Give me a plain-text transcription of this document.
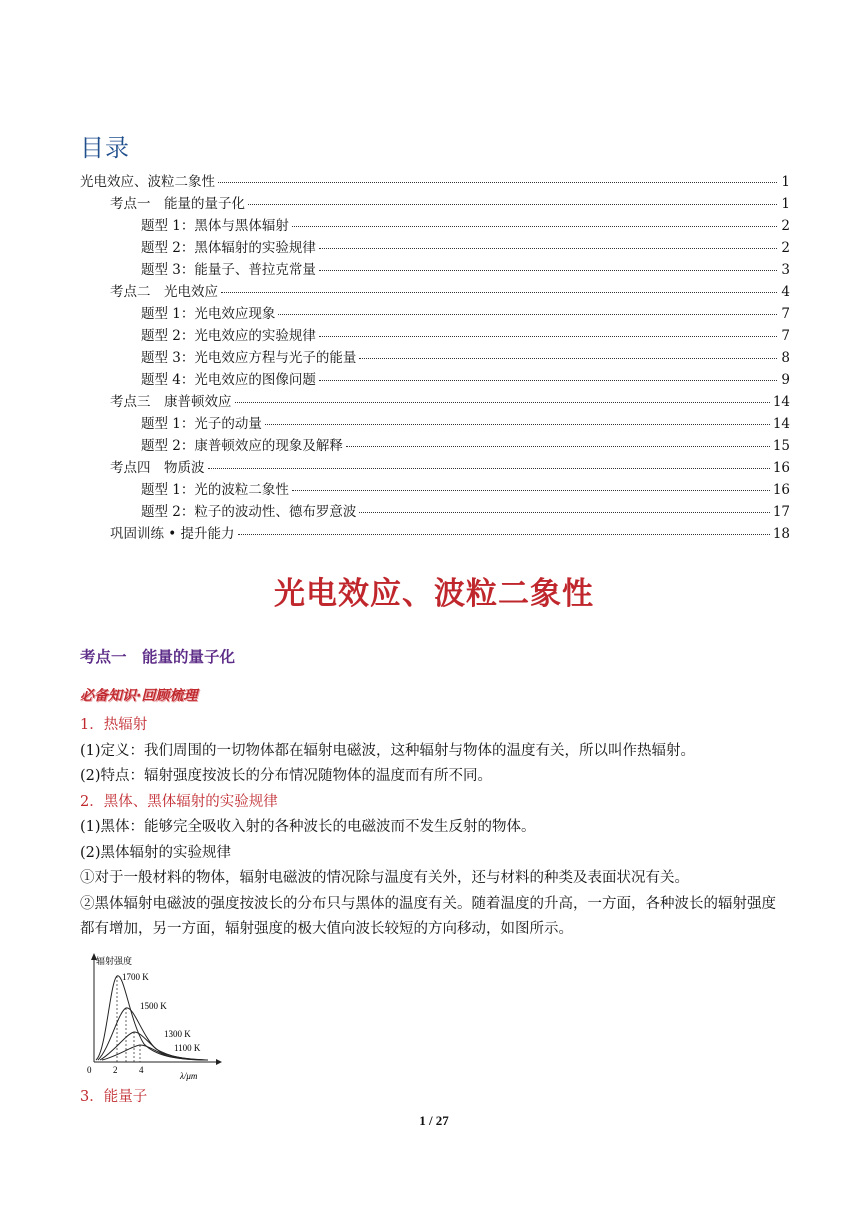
目录
光电效应、波粒二象性	1
考点一　能量的量子化	1
题型 1：黑体与黑体辐射	2
题型 2：黑体辐射的实验规律	2
题型 3：能量子、普拉克常量	3
考点二　光电效应	4
题型 1：光电效应现象	7
题型 2：光电效应的实验规律	7
题型 3：光电效应方程与光子的能量	8
题型 4：光电效应的图像问题	9
考点三　康普顿效应	14
题型 1：光子的动量	14
题型 2：康普顿效应的现象及解释	15
考点四　物质波	16
题型 1：光的波粒二象性	16
题型 2：粒子的波动性、德布罗意波	17
巩固训练 • 提升能力	18
光电效应、波粒二象性
考点一　能量的量子化
必备知识·回顾梳理

1．热辐射

(1)定义：我们周围的一切物体都在辐射电磁波，这种辐射与物体的温度有关，所以叫作热辐射。

(2)特点：辐射强度按波长的分布情况随物体的温度而有所不同。

2．黑体、黑体辐射的实验规律

(1)黑体：能够完全吸收入射的各种波长的电磁波而不发生反射的物体。

(2)黑体辐射的实验规律

①对于一般材料的物体，辐射电磁波的情况除与温度有关外，还与材料的种类及表面状况有关。

②黑体辐射电磁波的强度按波长的分布只与黑体的温度有关。随着温度的升高，一方面，各种波长的辐射强度都有增加，另一方面，辐射强度的极大值向波长较短的方向移动，如图所示。

辐射强度
1700 K
1500 K
1300 K
1100 K
0 2 4
λ/μm

3．能量子

1 / 27
